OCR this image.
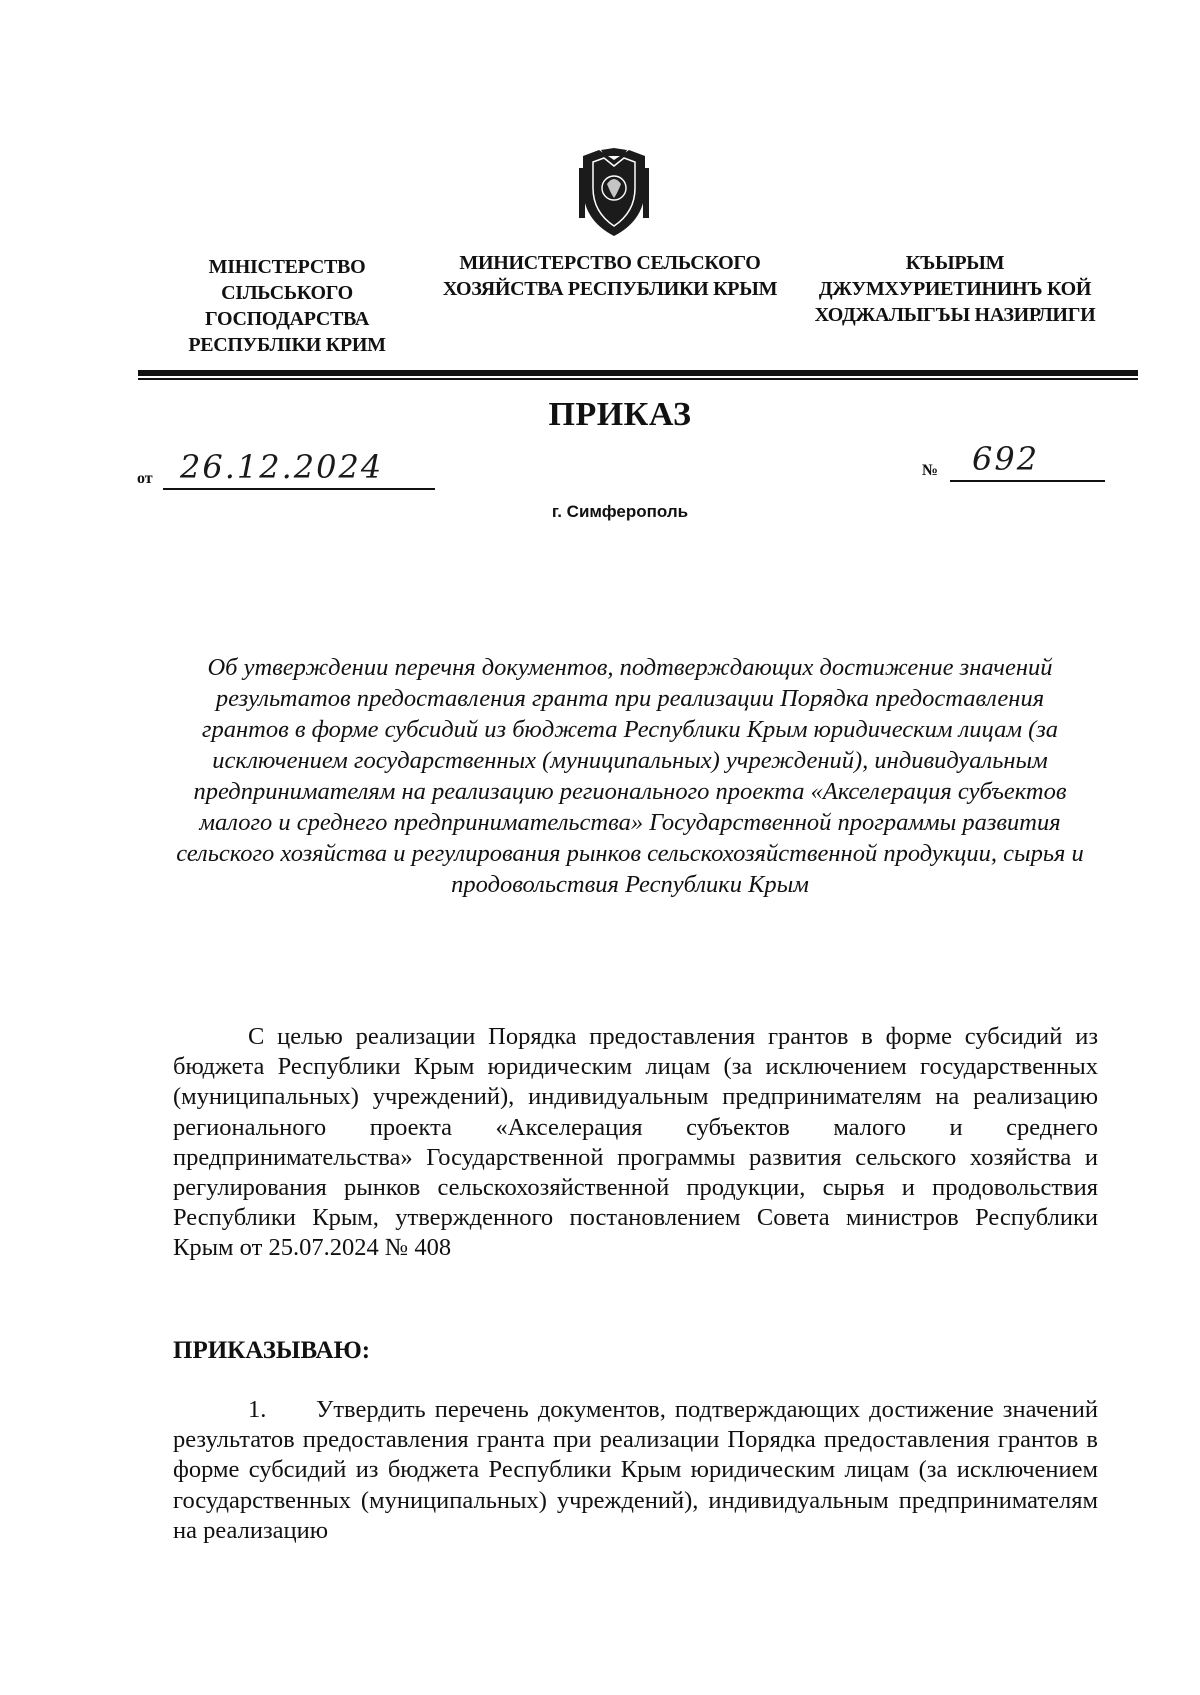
МІНІСТЕРСТВО СІЛЬСЬКОГО ГОСПОДАРСТВА РЕСПУБЛІКИ КРИМ
МИНИСТЕРСТВО СЕЛЬСКОГО ХОЗЯЙСТВА РЕСПУБЛИКИ КРЫМ
КЪЫРЫМ ДЖУМХУРИЕТИНИНЪ КОЙ ХОДЖАЛЫГЪЫ НАЗИРЛИГИ
ПРИКАЗ
от 26.12.2024	№ 692
г. Симферополь
Об утверждении перечня документов, подтверждающих достижение значений результатов предоставления гранта при реализации Порядка предоставления грантов в форме субсидий из бюджета Республики Крым юридическим лицам (за исключением государственных (муниципальных) учреждений), индивидуальным предпринимателям на реализацию регионального проекта «Акселерация субъектов малого и среднего предпринимательства» Государственной программы развития сельского хозяйства и регулирования рынков сельскохозяйственной продукции, сырья и продовольствия Республики Крым
С целью реализации Порядка предоставления грантов в форме субсидий из бюджета Республики Крым юридическим лицам (за исключением государственных (муниципальных) учреждений), индивидуальным предпринимателям на реализацию регионального проекта «Акселерация субъектов малого и среднего предпринимательства» Государственной программы развития сельского хозяйства и регулирования рынков сельскохозяйственной продукции, сырья и продовольствия Республики Крым, утвержденного постановлением Совета министров Республики Крым от 25.07.2024 № 408
ПРИКАЗЫВАЮ:
1. Утвердить перечень документов, подтверждающих достижение значений результатов предоставления гранта при реализации Порядка предоставления грантов в форме субсидий из бюджета Республики Крым юридическим лицам (за исключением государственных (муниципальных) учреждений), индивидуальным предпринимателям на реализацию
